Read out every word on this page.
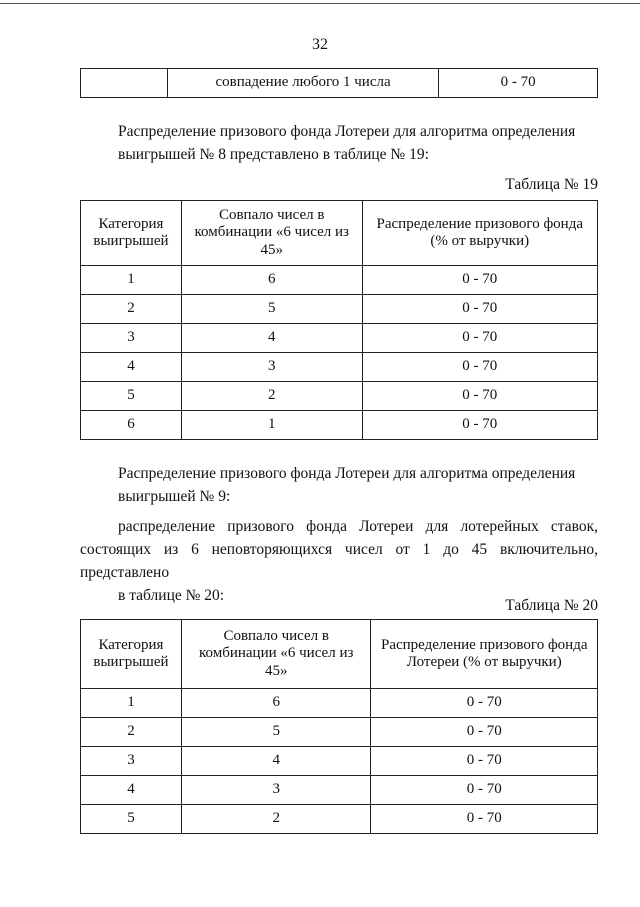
32
	совпадение любого 1 числа	0 - 70

Распределение призового фонда Лотереи для алгоритма определения
выигрышей № 8 представлено в таблице № 19:

Таблица № 19
Категория выигрышей	Совпало чисел в комбинации «6 чисел из 45»	Распределение призового фонда (% от выручки)
1	6	0 - 70
2	5	0 - 70
3	4	0 - 70
4	3	0 - 70
5	2	0 - 70
6	1	0 - 70

Распределение призового фонда Лотереи для алгоритма определения
выигрышей № 9:

распределение призового фонда Лотереи для лотерейных ставок, состоящих из 6 неповторяющихся чисел от 1 до 45 включительно, представлено
в таблице № 20:

Таблица № 20
Категория выигрышей	Совпало чисел в комбинации «6 чисел из 45»	Распределение призового фонда Лотереи (% от выручки)
1	6	0 - 70
2	5	0 - 70
3	4	0 - 70
4	3	0 - 70
5	2	0 - 70
